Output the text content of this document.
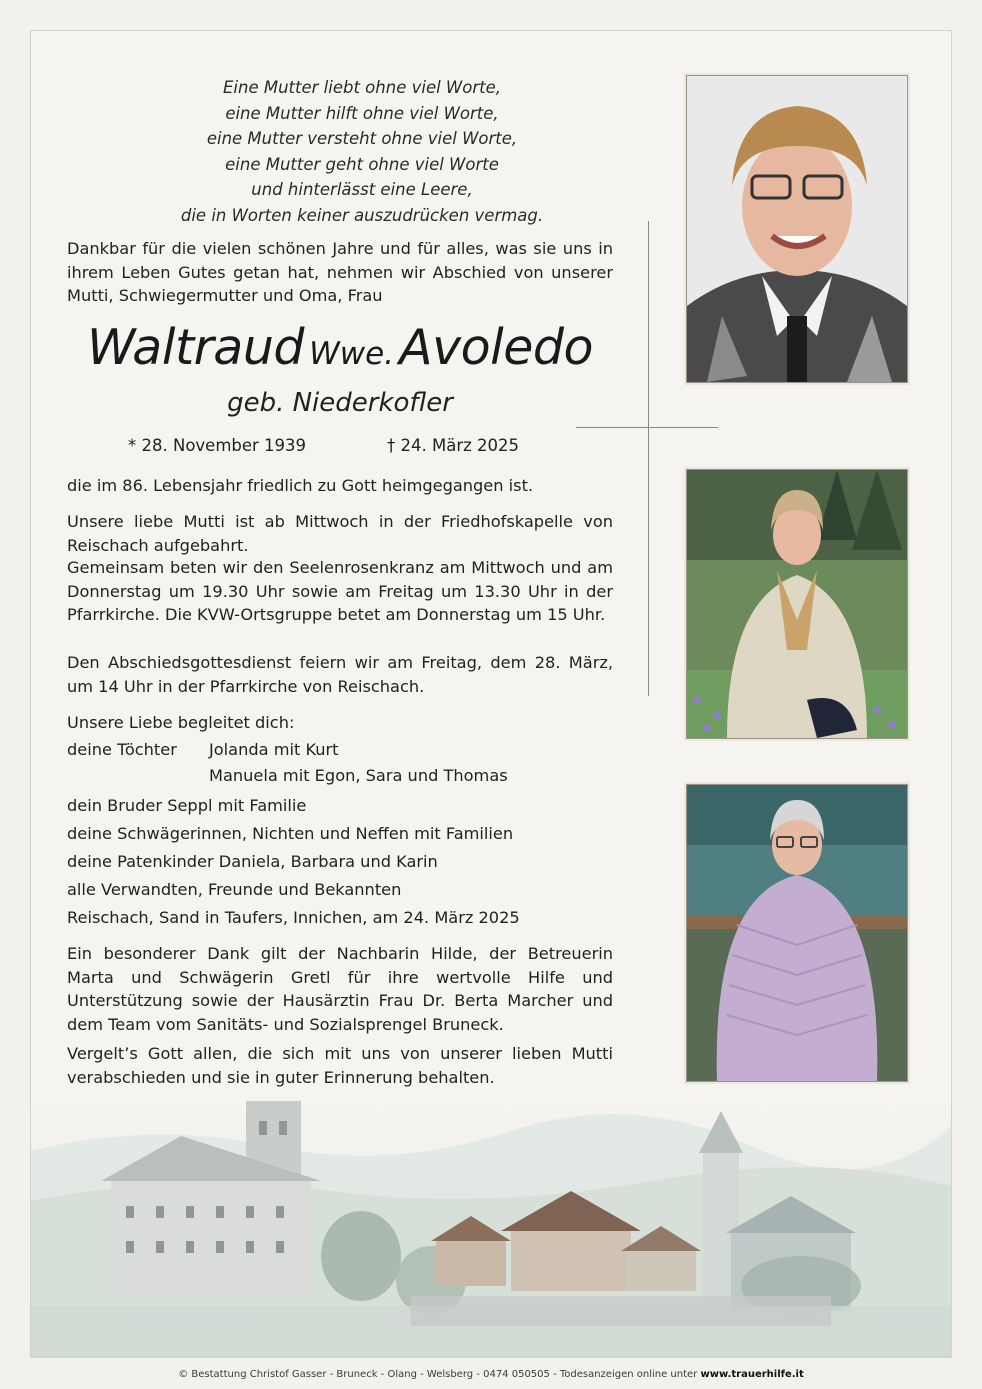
Eine Mutter liebt ohne viel Worte,
eine Mutter hilft ohne viel Worte,
eine Mutter versteht ohne viel Worte,
eine Mutter geht ohne viel Worte
und hinterlässt eine Leere,
die in Worten keiner auszudrücken vermag.
Dankbar für die vielen schönen Jahre und für alles, was sie uns in ihrem Leben Gutes getan hat, nehmen wir Abschied von unserer Mutti, Schwiegermutter und Oma, Frau
Waltraud Wwe. Avoledo
geb. Niederkofler
* 28. November 1939	† 24. März 2025
die im 86. Lebensjahr friedlich zu Gott heimgegangen ist.
Unsere liebe Mutti ist ab Mittwoch in der Friedhofskapelle von Reischach aufgebahrt.
Gemeinsam beten wir den Seelenrosenkranz am Mittwoch und am Donnerstag um 19.30 Uhr sowie am Freitag um 13.30 Uhr in der Pfarrkirche. Die KVW-Ortsgruppe betet am Donnerstag um 15 Uhr.
Den Abschiedsgottesdienst feiern wir am Freitag, dem 28. März, um 14 Uhr in der Pfarrkirche von Reischach.
Unsere Liebe begleitet dich:
deine Töchter	Jolanda mit Kurt
Manuela mit Egon, Sara und Thomas
dein Bruder Seppl mit Familie
deine Schwägerinnen, Nichten und Neffen mit Familien
deine Patenkinder Daniela, Barbara und Karin
alle Verwandten, Freunde und Bekannten
Reischach, Sand in Taufers, Innichen, am 24. März 2025
Ein besonderer Dank gilt der Nachbarin Hilde, der Betreuerin Marta und Schwägerin Gretl für ihre wertvolle Hilfe und Unterstützung sowie der Hausärztin Frau Dr. Berta Marcher und dem Team vom Sanitäts- und Sozialsprengel Bruneck.
Vergelt’s Gott allen, die sich mit uns von unserer lieben Mutti verabschieden und sie in guter Erinnerung behalten.
© Bestattung Christof Gasser - Bruneck - Olang - Welsberg - 0474 050505 - Todesanzeigen online unter www.trauerhilfe.it
